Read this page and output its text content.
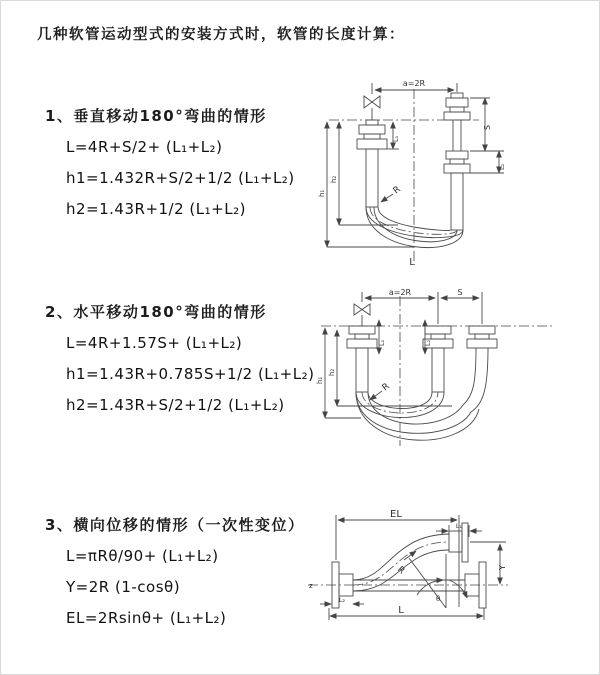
几种软管运动型式的安装方式时，软管的长度计算：
1、垂直移动180°弯曲的情形
L=4R+S/2+ (L₁+L₂)
h1=1.432R+S/2+1/2 (L₁+L₂)
h2=1.43R+1/2 (L₁+L₂)
2、水平移动180°弯曲的情形
L=4R+1.57S+ (L₁+L₂)
h1=1.43R+0.785S+1/2 (L₁+L₂)
h2=1.43R+S/2+1/2 (L₁+L₂)
3、横向位移的情形（一次性变位）
L=πRθ/90+ (L₁+L₂)
Y=2R (1-cosθ)
EL=2Rsinθ+ (L₁+L₂)
a=2R
h₁
h₂
L₁
S
L₂
R
L
a=2R	S
h₁
h₂
L₁	L₂
R
z
EL
L₁
θ
R	Y
L₂
L
